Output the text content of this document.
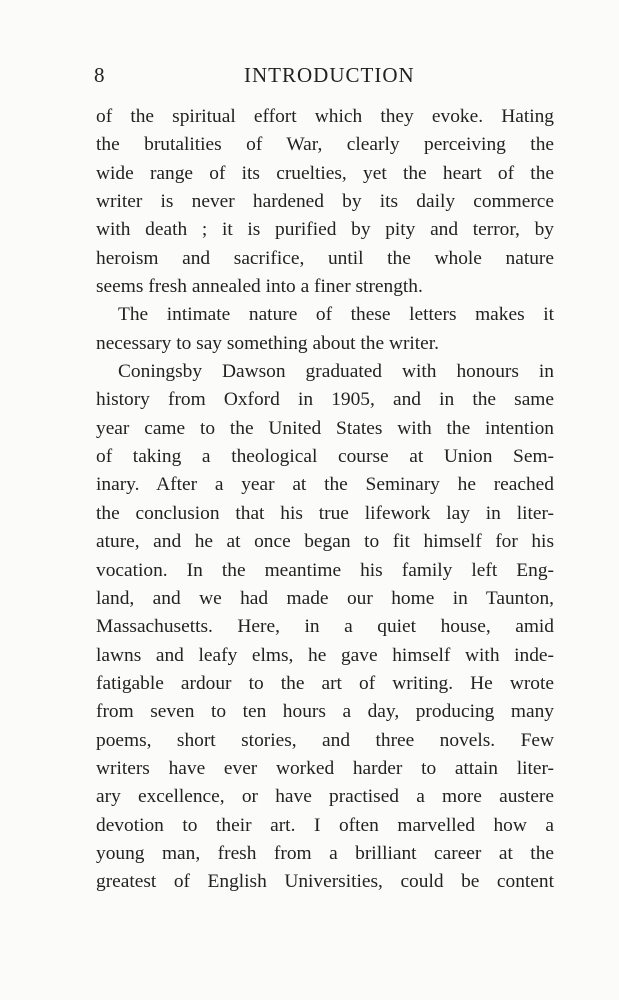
8	INTRODUCTION
of the spiritual effort which they evoke. Hating
the brutalities of War, clearly perceiving the
wide range of its cruelties, yet the heart of the
writer is never hardened by its daily commerce
with death ; it is purified by pity and terror, by
heroism and sacrifice, until the whole nature
seems fresh annealed into a finer strength.
The intimate nature of these letters makes it
necessary to say something about the writer.
Coningsby Dawson graduated with honours in
history from Oxford in 1905, and in the same
year came to the United States with the intention
of taking a theological course at Union Sem-
inary. After a year at the Seminary he reached
the conclusion that his true lifework lay in liter-
ature, and he at once began to fit himself for his
vocation. In the meantime his family left Eng-
land, and we had made our home in Taunton,
Massachusetts. Here, in a quiet house, amid
lawns and leafy elms, he gave himself with inde-
fatigable ardour to the art of writing. He wrote
from seven to ten hours a day, producing many
poems, short stories, and three novels. Few
writers have ever worked harder to attain liter-
ary excellence, or have practised a more austere
devotion to their art. I often marvelled how a
young man, fresh from a brilliant career at the
greatest of English Universities, could be content
